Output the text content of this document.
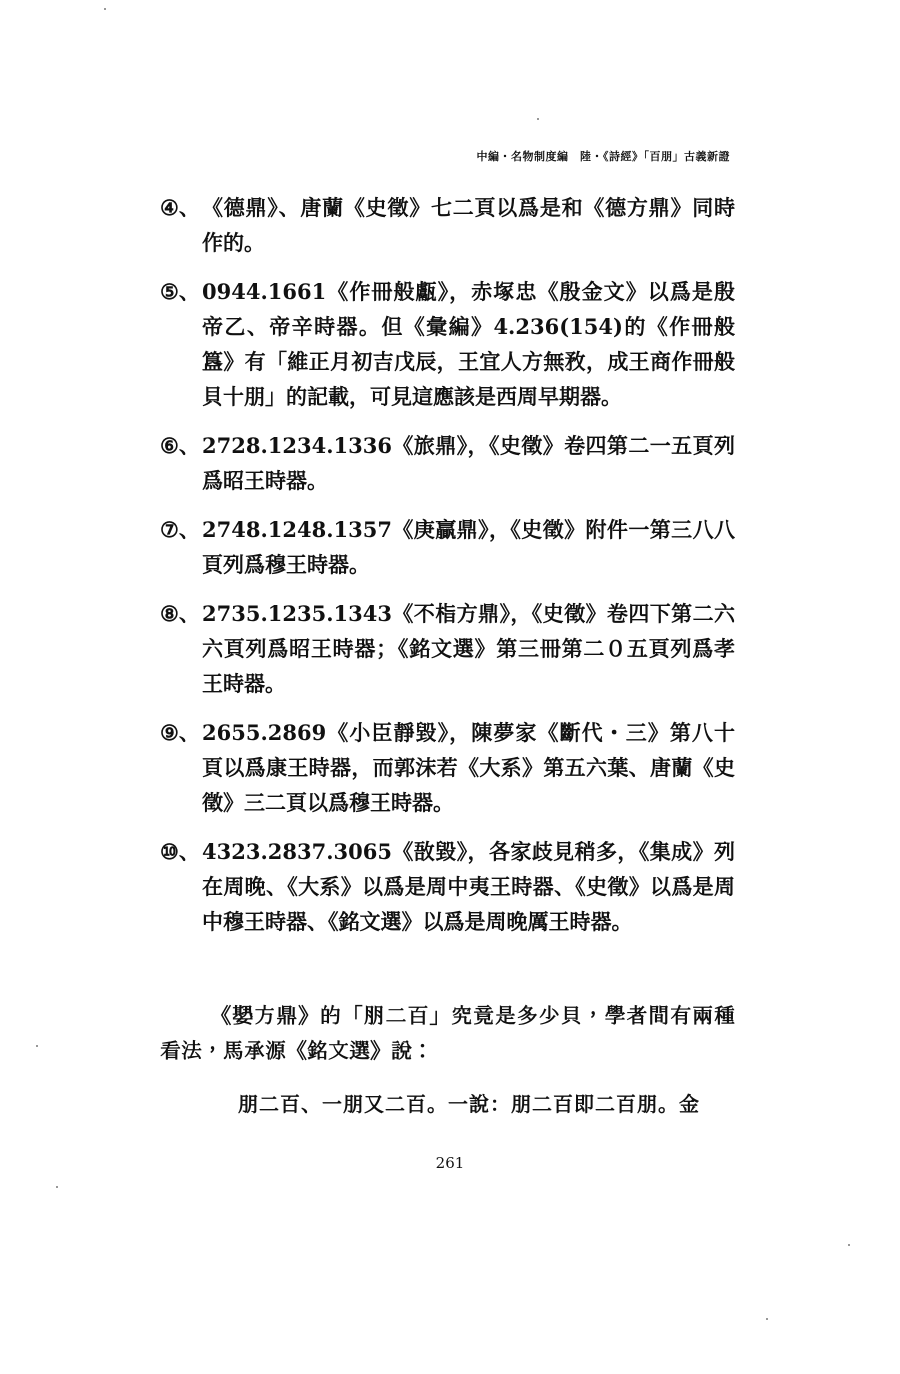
中編・名物制度編　陸・《詩經》「百朋」古義新證
④、 《德鼎》、唐蘭《史徵》七二頁以爲是和《德方鼎》同時作的。
⑤、 0944.1661《作冊般甗》，赤塚忠《殷金文》以爲是殷帝乙、帝辛時器。但《彙編》4.236(154)的《作冊般簋》有「維正月初吉戊辰，王宜人方無敄，成王商作冊般貝十朋」的記載，可見這應該是西周早期器。
⑥、 2728.1234.1336《旅鼎》，《史徵》卷四第二一五頁列爲昭王時器。
⑦、 2748.1248.1357《庚贏鼎》，《史徵》附件一第三八八頁列爲穆王時器。
⑧、 2735.1235.1343《不栺方鼎》，《史徵》卷四下第二六六頁列爲昭王時器；《銘文選》第三冊第二０五頁列爲孝王時器。
⑨、 2655.2869《小臣靜毀》，陳夢家《斷代・三》第八十頁以爲康王時器，而郭沫若《大系》第五六葉、唐蘭《史徵》三二頁以爲穆王時器。
⑩、 4323.2837.3065《敔毀》，各家歧見稍多，《集成》列在周晚、《大系》以爲是周中夷王時器、《史徵》以爲是周中穆王時器、《銘文選》以爲是周晚厲王時器。
《𡢁方鼎》的「朋二百」究竟是多少貝，學者間有兩種看法，馬承源《銘文選》說：
朋二百、一朋又二百。一說：朋二百即二百朋。金
261
